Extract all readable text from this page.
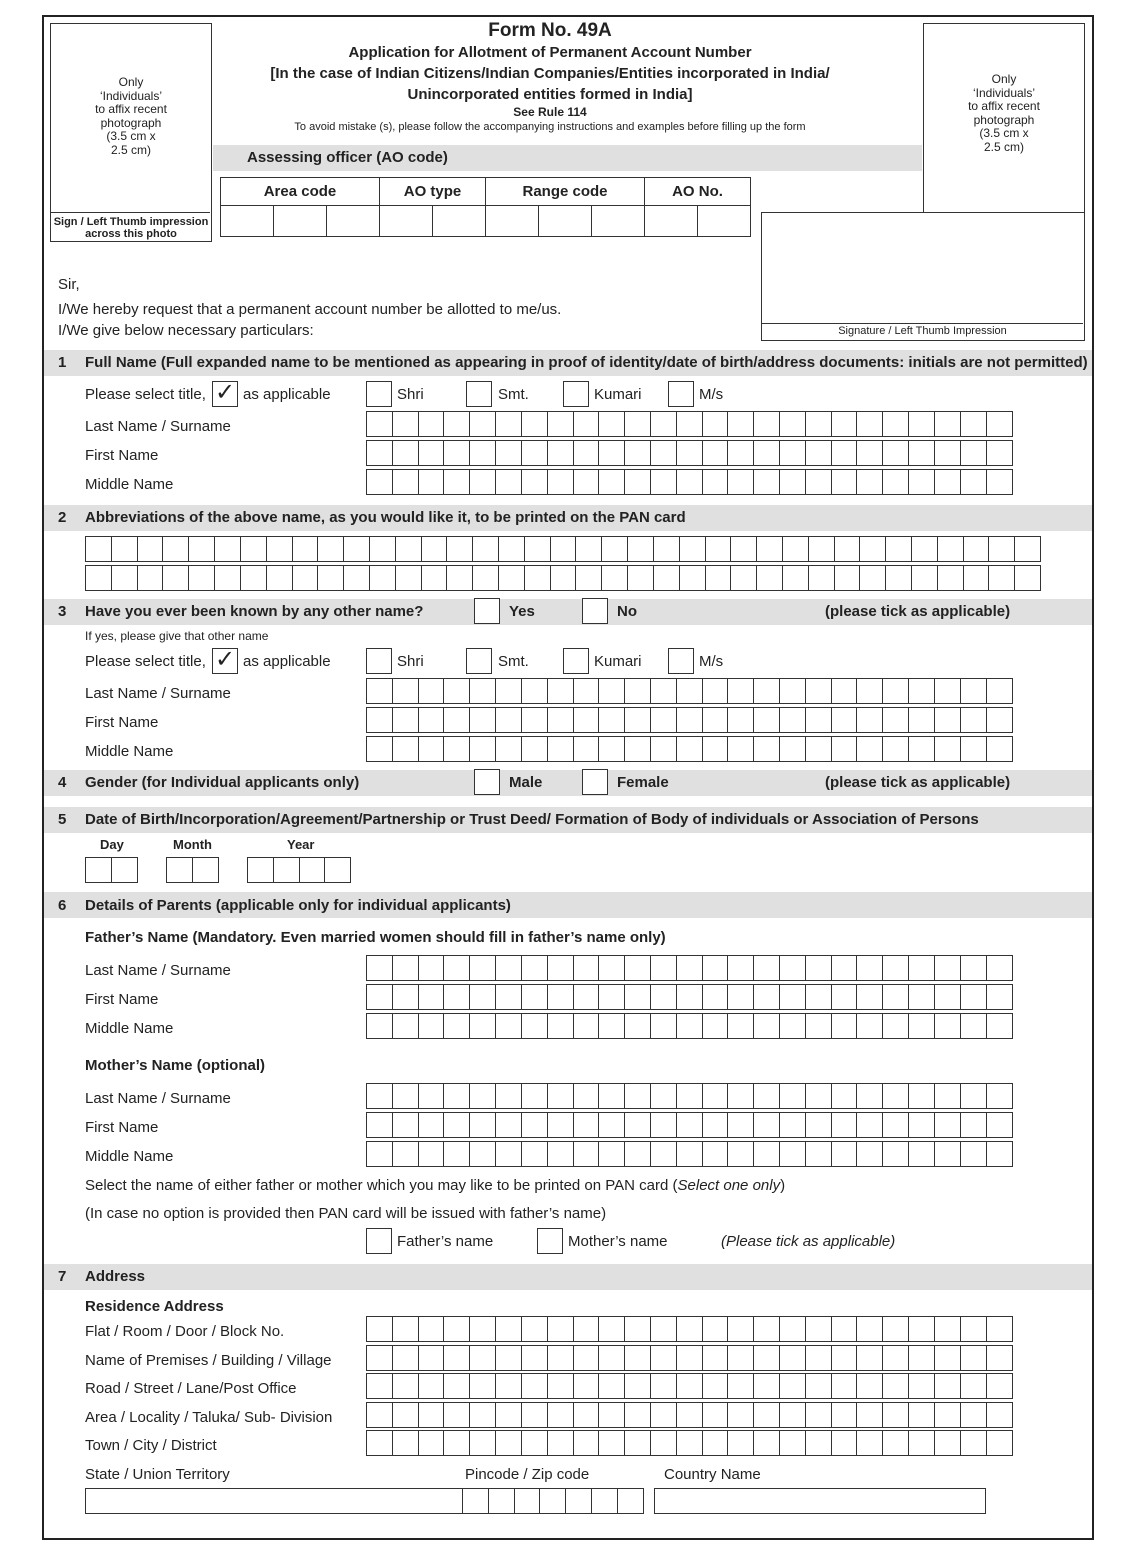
Form No. 49A
Application for Allotment of Permanent Account Number
[In the case of Indian Citizens/Indian Companies/Entities incorporated in India/
Unincorporated entities formed in India]
See Rule 114
To avoid mistake (s), please follow the accompanying instructions and examples before filling up the form
Only
‘Individuals’
to affix recent
photograph
(3.5 cm x
2.5 cm)
Sign / Left Thumb impression
across this photo
Only
‘Individuals’
to affix recent
photograph
(3.5 cm x
2.5 cm)
Signature / Left Thumb Impression
Assessing officer (AO code)
Area code			AO type		Range code			AO No.	

Sir,
I/We hereby request that a permanent account number be allotted to me/us.
I/We give below necessary particulars:
1 Full Name (Full expanded name to be mentioned as appearing in proof of identity/date of birth/address documents: initials are not permitted)
Please select title, ✓ as applicable	Shri	Smt.	Kumari	M/s
Last Name / Surname
First Name
Middle Name
2 Abbreviations of the above name, as you would like it, to be printed on the PAN card
3 Have you ever been known by any other name?	Yes	No	(please tick as applicable)
If yes, please give that other name
Please select title, ✓ as applicable	Shri	Smt.	Kumari	M/s
Last Name / Surname
First Name
Middle Name
4 Gender (for Individual applicants only)	Male	Female	(please tick as applicable)
5 Date of Birth/Incorporation/Agreement/Partnership or Trust Deed/ Formation of Body of individuals or Association of Persons
Day	Month	Year
6 Details of Parents (applicable only for individual applicants)
Father’s Name (Mandatory. Even married women should fill in father’s name only)
Last Name / Surname
First Name
Middle Name
Mother’s Name (optional)
Last Name / Surname
First Name
Middle Name
Select the name of either father or mother which you may like to be printed on PAN card (Select one only)
(In case no option is provided then PAN card will be issued with father’s name)
Father’s name	Mother’s name	(Please tick as applicable)
7 Address
Residence Address
Flat / Room / Door / Block No.
Name of Premises / Building / Village
Road / Street / Lane/Post Office
Area / Locality / Taluka/ Sub- Division
Town / City / District
State / Union Territory	Pincode / Zip code	Country Name
